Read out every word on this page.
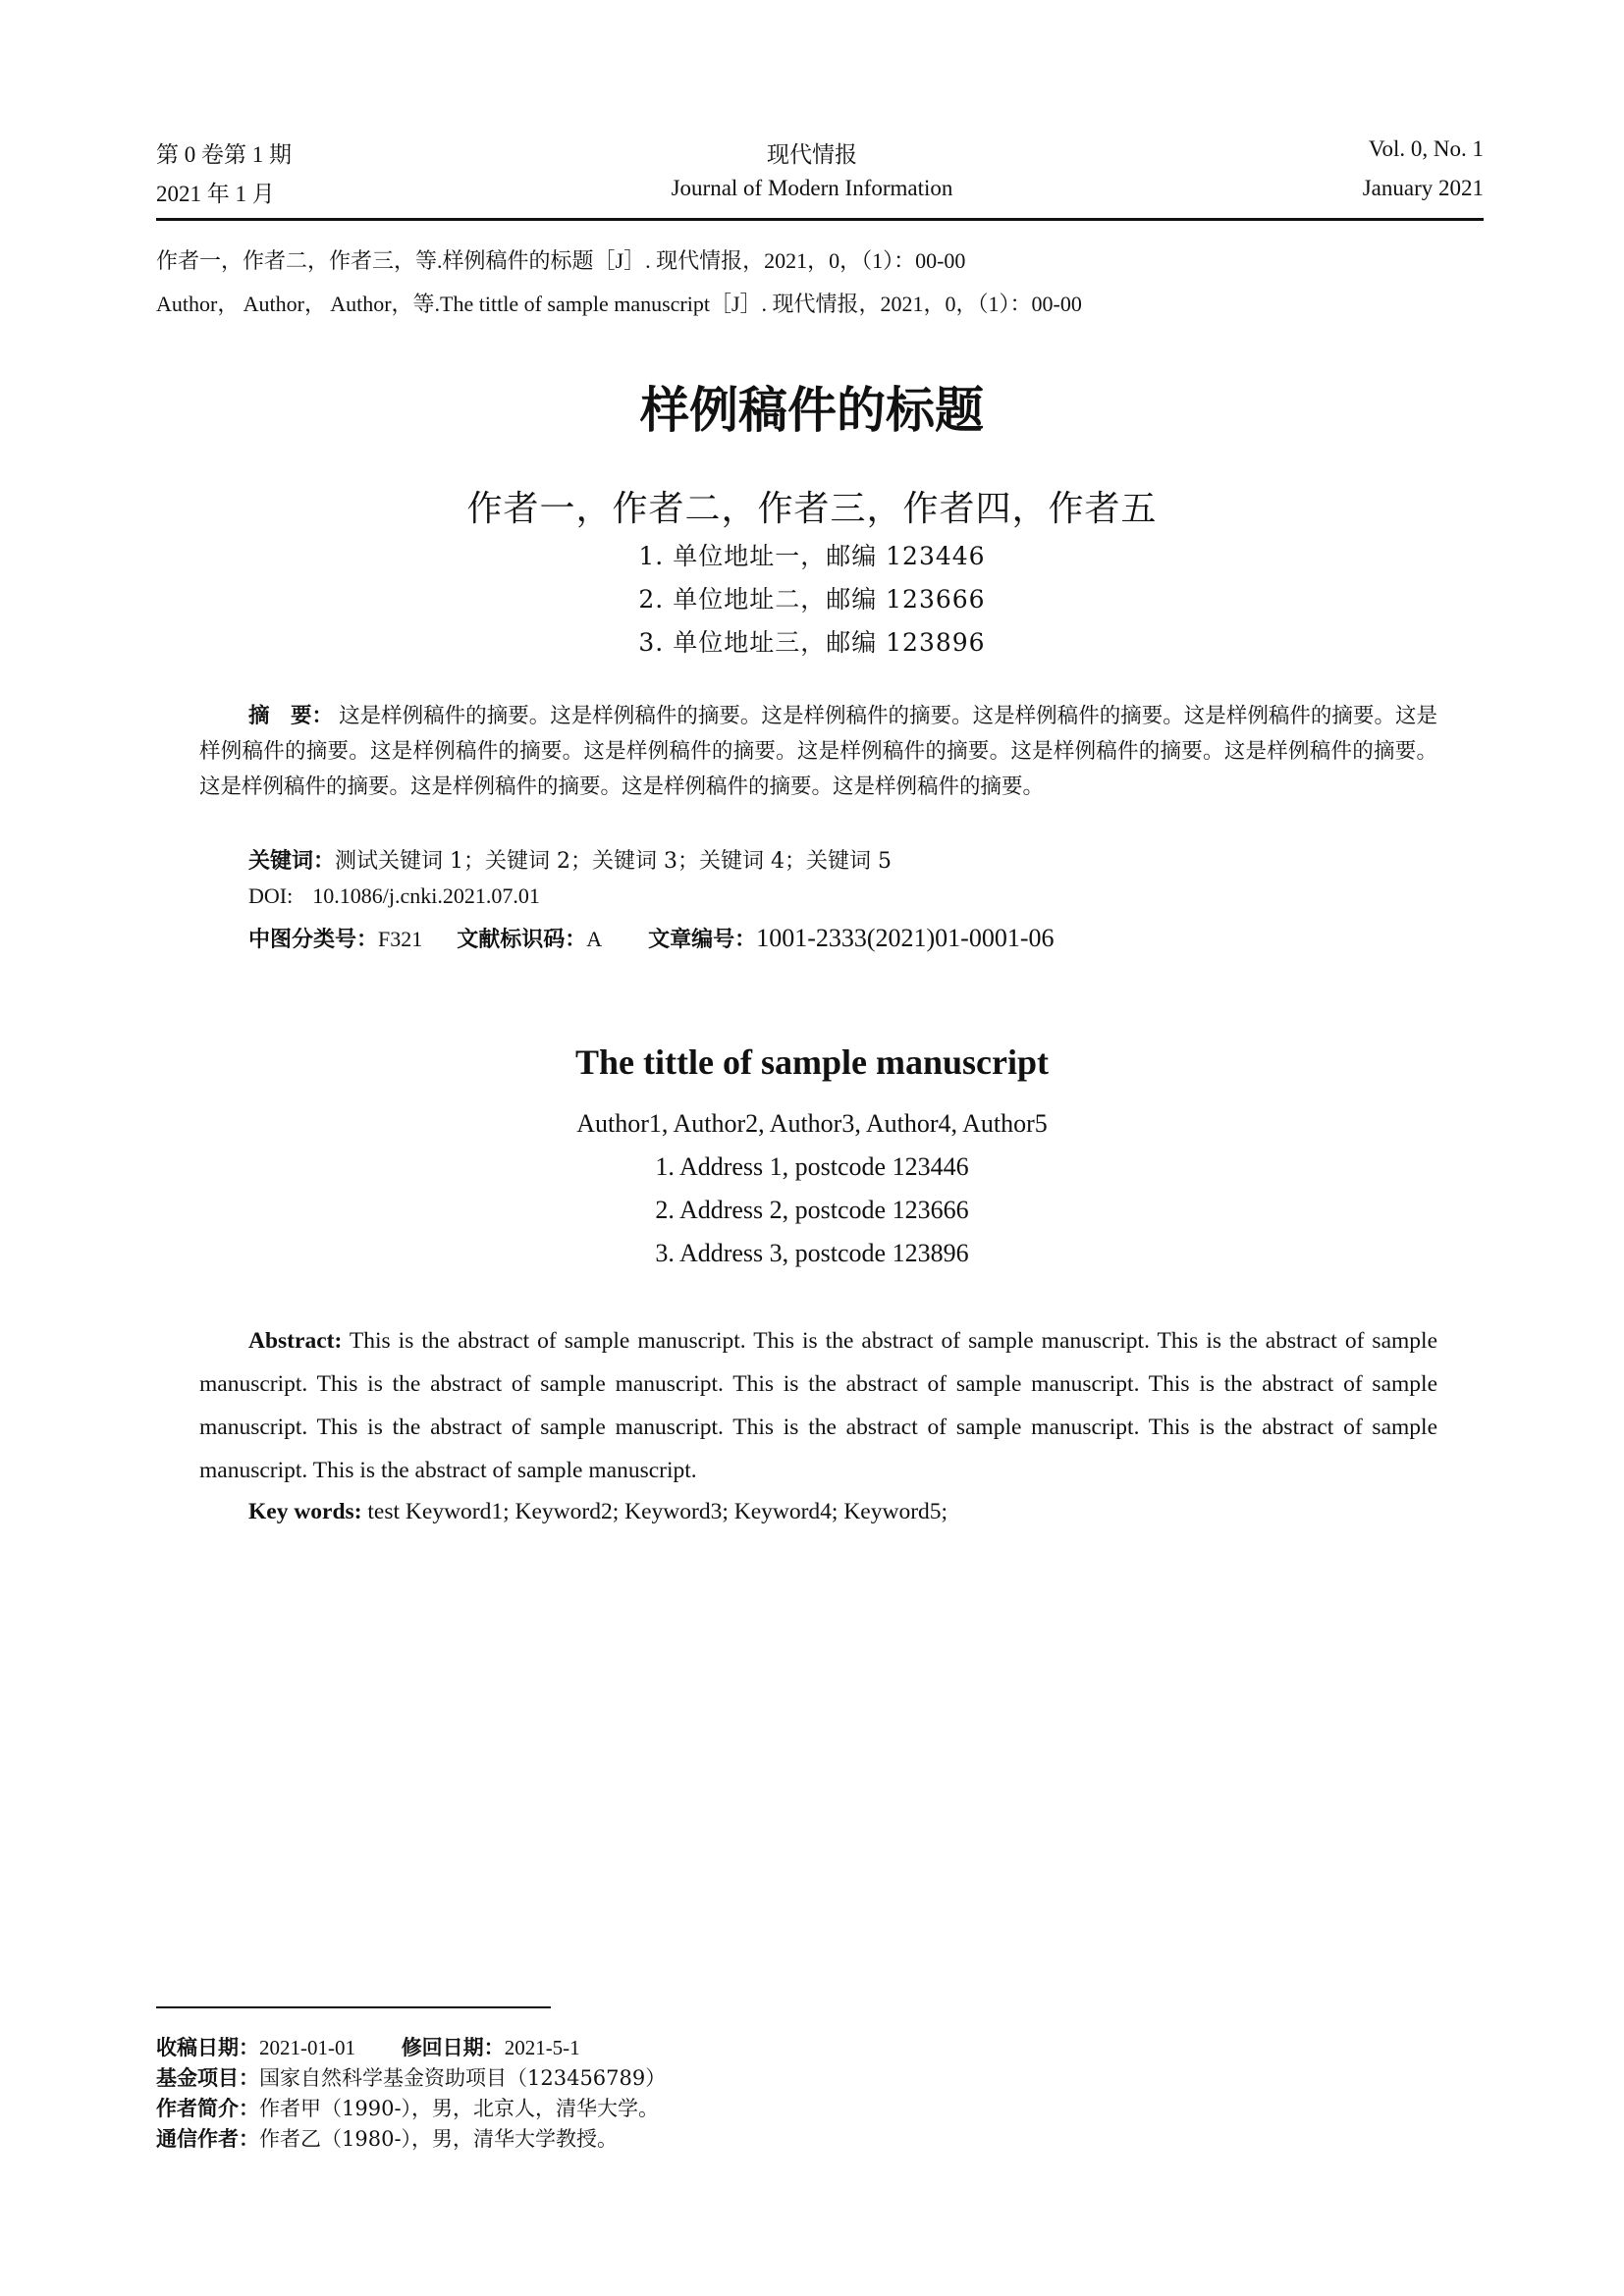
第 0 卷第 1 期
2021 年 1 月
现代情报
Journal of Modern Information
Vol. 0, No. 1
January 2021
作者一，作者二，作者三，等.样例稿件的标题［J］. 现代情报，2021，0，（1）：00-00
Author， Author， Author，等.The tittle of sample manuscript［J］. 现代情报，2021，0，（1）：00-00
样例稿件的标题
作者一，作者二，作者三，作者四，作者五
1. 单位地址一，邮编 123446
2. 单位地址二，邮编 123666
3. 单位地址三，邮编 123896
摘　要： 这是样例稿件的摘要。这是样例稿件的摘要。这是样例稿件的摘要。这是样例稿件的摘要。这是样例稿件的摘要。这是样例稿件的摘要。这是样例稿件的摘要。这是样例稿件的摘要。这是样例稿件的摘要。这是样例稿件的摘要。这是样例稿件的摘要。这是样例稿件的摘要。这是样例稿件的摘要。这是样例稿件的摘要。这是样例稿件的摘要。
关键词：测试关键词 1；关键词 2；关键词 3；关键词 4；关键词 5
DOI: 10.1086/j.cnki.2021.07.01
中图分类号：F321 文献标识码：A 文章编号：1001-2333(2021)01-0001-06
The tittle of sample manuscript
Author1, Author2, Author3, Author4, Author5
1. Address 1, postcode 123446
2. Address 2, postcode 123666
3. Address 3, postcode 123896
Abstract: This is the abstract of sample manuscript. This is the abstract of sample manuscript. This is the abstract of sample manuscript. This is the abstract of sample manuscript. This is the abstract of sample manuscript. This is the abstract of sample manuscript. This is the abstract of sample manuscript. This is the abstract of sample manuscript. This is the abstract of sample manuscript. This is the abstract of sample manuscript.
Key words: test Keyword1; Keyword2; Keyword3; Keyword4; Keyword5;
收稿日期：2021-01-01 修回日期：2021-5-1
基金项目：国家自然科学基金资助项目（123456789）
作者简介：作者甲（1990-），男，北京人，清华大学。
通信作者：作者乙（1980-），男，清华大学教授。
